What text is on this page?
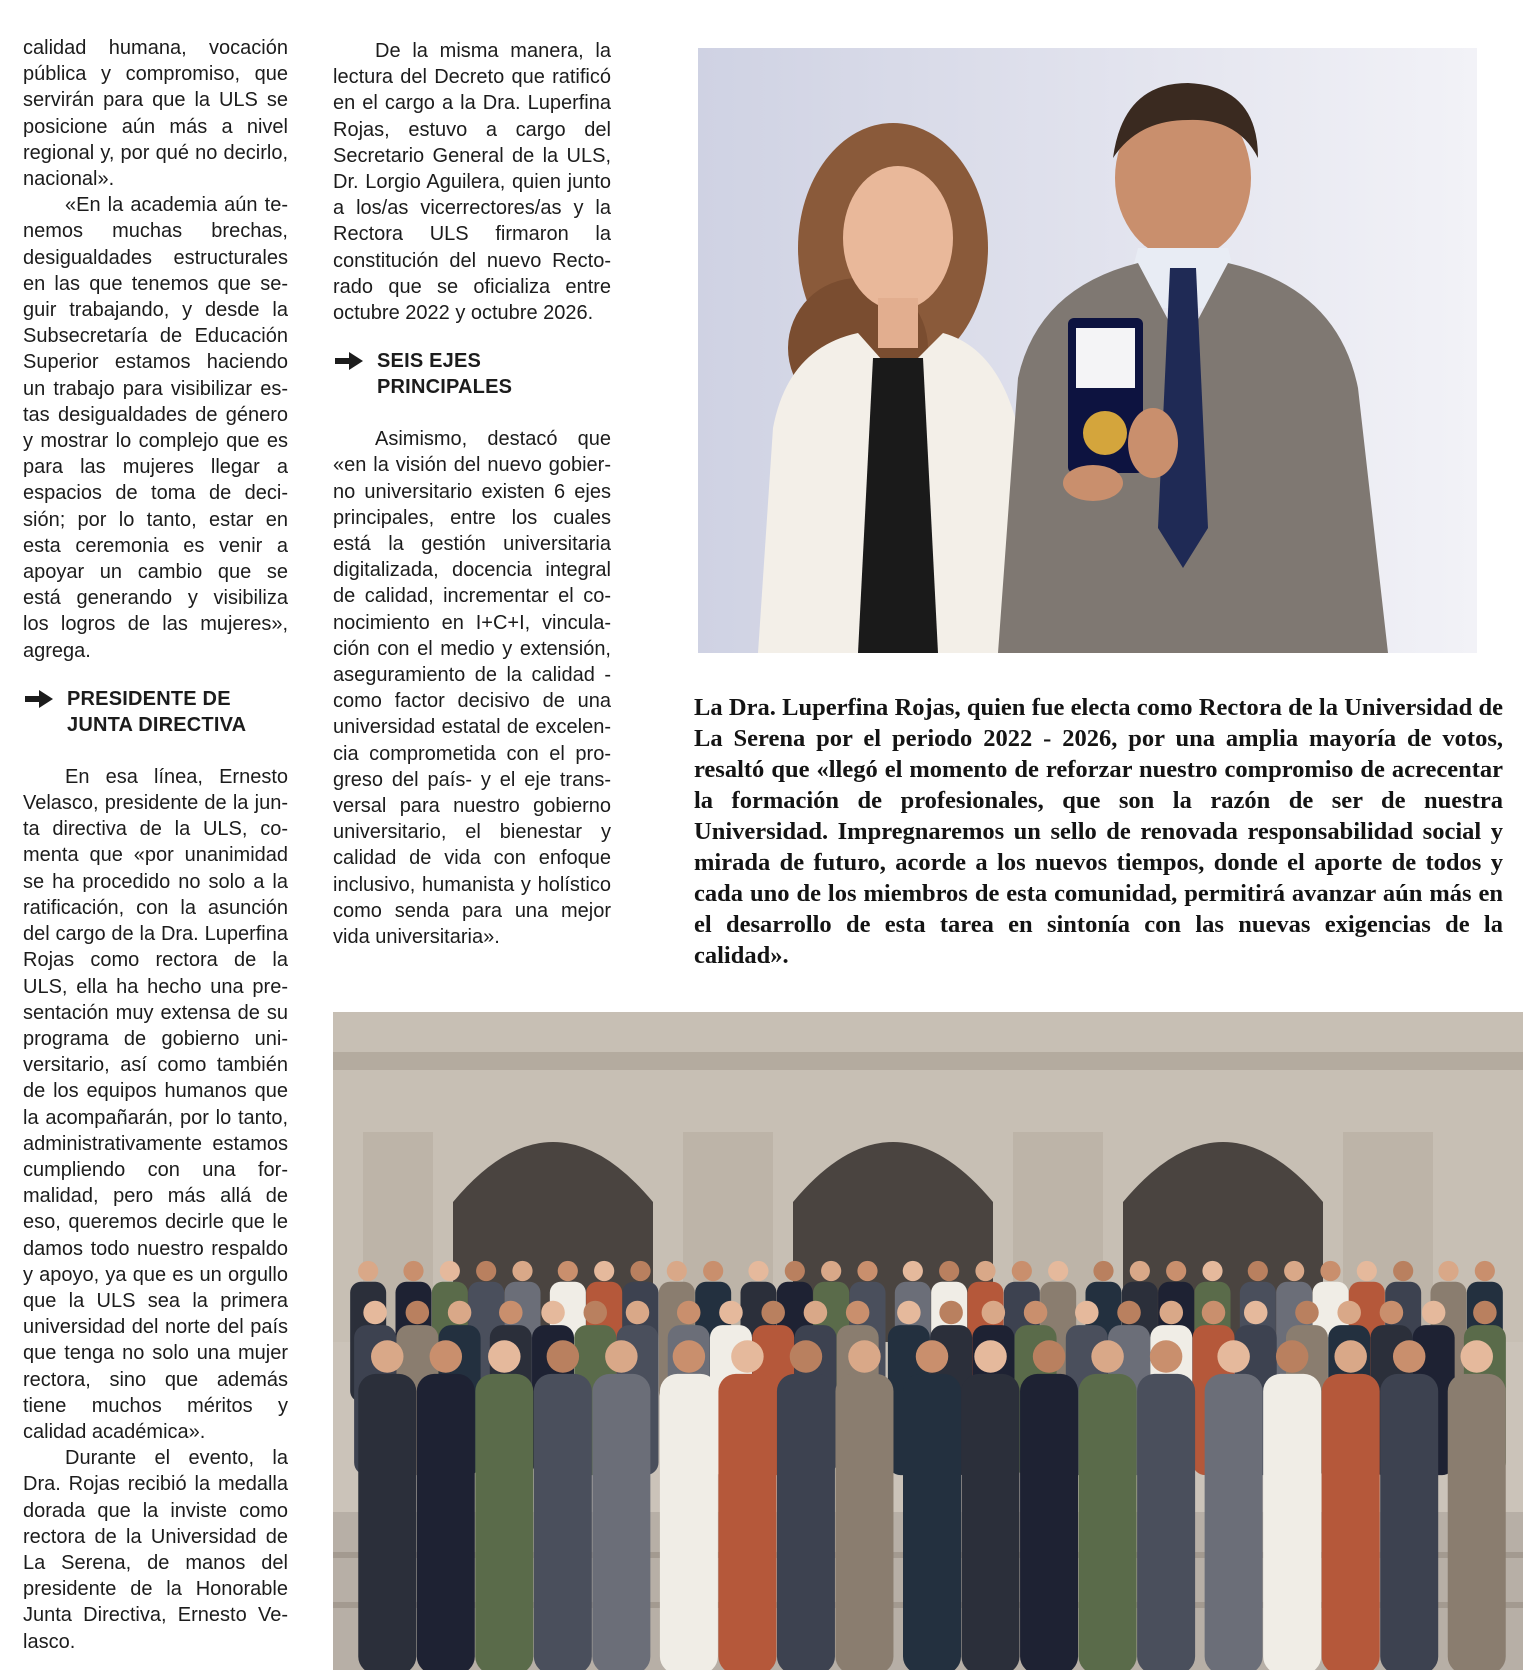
calidad humana, vocación pública y compromiso, que servirán para que la ULS se posicione aún más a nivel regional y, por qué no decirlo, nacional».

«En la academia aún tenemos muchas brechas, desigualdades estructurales en las que tenemos que seguir trabajando, y desde la Subsecretaría de Educación Superior estamos haciendo un trabajo para visibilizar estas desigualdades de género y mostrar lo complejo que es para las mujeres llegar a espacios de toma de decisión; por lo tanto, estar en esta ceremonia es venir a apoyar un cambio que se está generando y visibiliza los logros de las mujeres», agrega.

PRESIDENTE DE
JUNTA DIRECTIVA

En esa línea, Ernesto Velasco, presidente de la junta directiva de la ULS, comenta que «por unanimidad se ha procedido no solo a la ratificación, con la asunción del cargo de la Dra. Luperfina Rojas como rectora de la ULS, ella ha hecho una presentación muy extensa de su programa de gobierno universitario, así como también de los equipos humanos que la acompañarán, por lo tanto, administrativamente estamos cumpliendo con una formalidad, pero más allá de eso, queremos decirle que le damos todo nuestro respaldo y apoyo, ya que es un orgullo que la ULS sea la primera universidad del norte del país que tenga no solo una mujer rectora, sino que además tiene muchos méritos y calidad académica».

Durante el evento, la Dra. Rojas recibió la medalla dorada que la inviste como rectora de la Universidad de La Serena, de manos del presidente de la Honorable Junta Directiva, Ernesto Velasco.

De la misma manera, la lectura del Decreto que ratificó en el cargo a la Dra. Luperfina Rojas, estuvo a cargo del Secretario General de la ULS, Dr. Lorgio Aguilera, quien junto a los/as vicerrectores/as y la Rectora ULS firmaron la constitución del nuevo Rectorado que se oficializa entre octubre 2022 y octubre 2026.

SEIS EJES
PRINCIPALES

Asimismo, destacó que «en la visión del nuevo gobierno universitario existen 6 ejes principales, entre los cuales está la gestión universitaria digitalizada, docencia integral de calidad, incrementar el conocimiento en I+C+I, vinculación con el medio y extensión, aseguramiento de la calidad -como factor decisivo de una universidad estatal de excelencia comprometida con el progreso del país- y el eje transversal para nuestro gobierno universitario, el bienestar y calidad de vida con enfoque inclusivo, humanista y holístico como senda para una mejor vida universitaria».

La Dra. Luperfina Rojas, quien fue electa como Rectora de la Universidad de La Serena por el periodo 2022 - 2026, por una amplia mayoría de votos, resaltó que «llegó el momento de reforzar nuestro compromiso de acrecentar la formación de profesionales, que son la razón de ser de nuestra Universidad. Impregnaremos un sello de renovada responsabilidad social y mirada de futuro, acorde a los nuevos tiempos, donde el aporte de todos y cada uno de los miembros de esta comunidad, permitirá avanzar aún más en el desarrollo de esta tarea en sintonía con las nuevas exigencias de la calidad».
